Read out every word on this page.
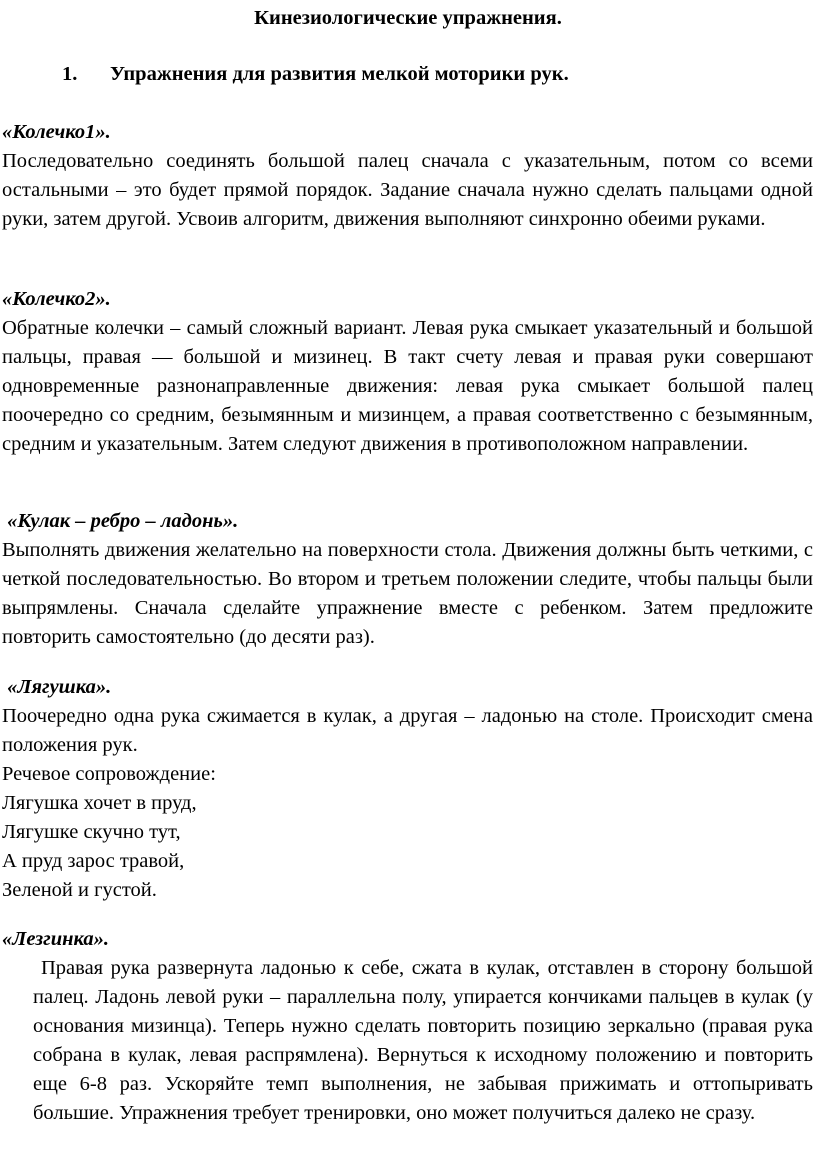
Кинезиологические упражнения.
1. Упражнения для развития мелкой моторики рук.
«Колечко1».
Последовательно соединять большой палец сначала с указательным, потом со всеми остальными – это будет прямой порядок. Задание сначала нужно сделать пальцами одной руки, затем другой. Усвоив алгоритм, движения выполняют синхронно обеими руками.
«Колечко2».
Обратные колечки – самый сложный вариант. Левая рука смыкает указательный и большой пальцы, правая — большой и мизинец. В такт счету левая и правая руки совершают одновременные разнонаправленные движения: левая рука смыкает большой палец поочередно со средним, безымянным и мизинцем, а правая соответственно с безымянным, средним и указательным. Затем следуют движения в противоположном направлении.
«Кулак – ребро – ладонь».
Выполнять движения желательно на поверхности стола. Движения должны быть четкими, с четкой последовательностью. Во втором и третьем положении следите, чтобы пальцы были выпрямлены. Сначала сделайте упражнение вместе с ребенком. Затем предложите повторить самостоятельно (до десяти раз).
«Лягушка».
Поочередно одна рука сжимается в кулак, а другая – ладонью на столе. Происходит смена положения рук.
Речевое сопровождение:
Лягушка хочет в пруд,
Лягушке скучно тут,
А пруд зарос травой,
Зеленой и густой.
«Лезгинка».
Правая рука развернута ладонью к себе, сжата в кулак, отставлен в сторону большой палец. Ладонь левой руки – параллельна полу, упирается кончиками пальцев в кулак (у основания мизинца). Теперь нужно сделать повторить позицию зеркально (правая рука собрана в кулак, левая распрямлена). Вернуться к исходному положению и повторить еще 6-8 раз. Ускоряйте темп выполнения, не забывая прижимать и оттопыривать большие. Упражнения требует тренировки, оно может получиться далеко не сразу.
